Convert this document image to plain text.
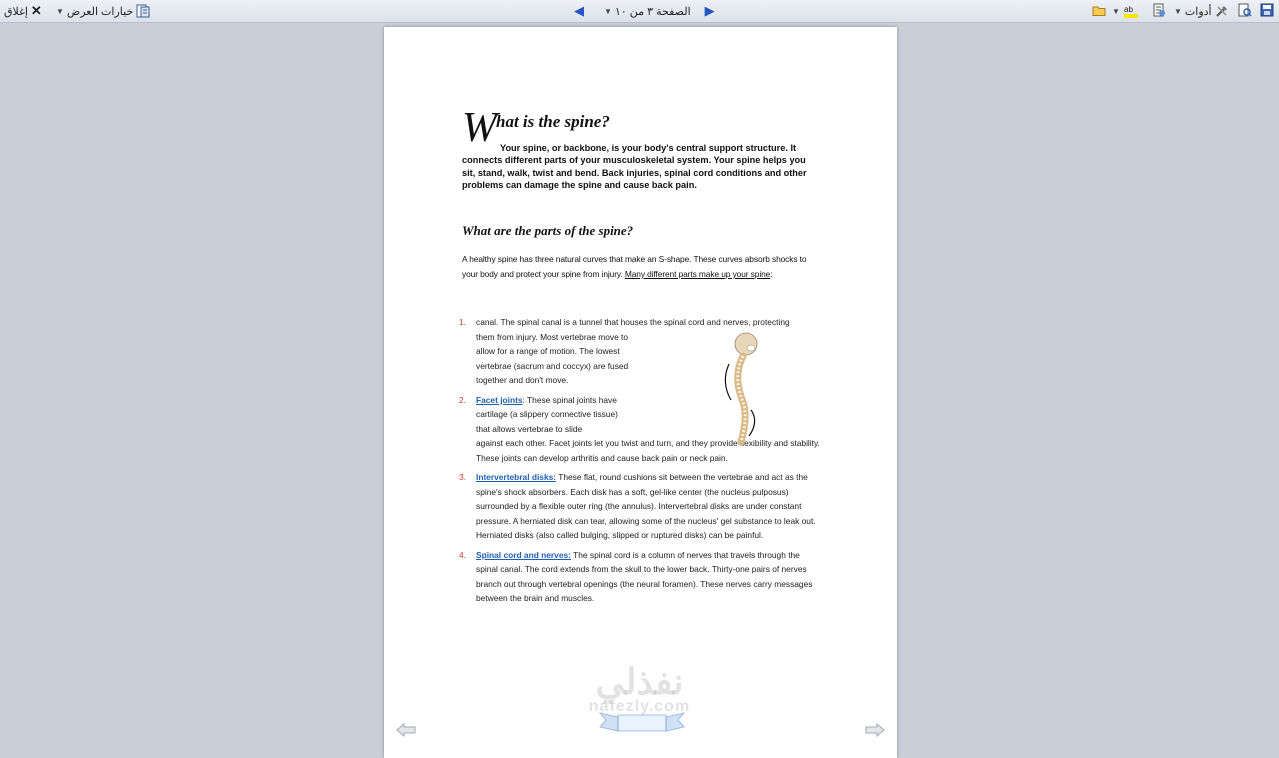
إغلاق ✕ ▼ خيارات العرض	◀	▼ الصفحة ٣ من ١٠ ▶	▼ ab	▼ أدوات
W hat is the spine?
Your spine, or backbone, is your body's central support structure. It connects different parts of your musculoskeletal system. Your spine helps you sit, stand, walk, twist and bend. Back injuries, spinal cord conditions and other problems can damage the spine and cause back pain.
What are the parts of the spine?
A healthy spine has three natural curves that make an S-shape. These curves absorb shocks to your body and protect your spine from injury. Many different parts make up your spine:
1. canal. The spinal canal is a tunnel that houses the spinal cord and nerves, protecting
them from injury. Most vertebrae move to allow for a range of motion. The lowest vertebrae (sacrum and coccyx) are fused together and don't move.
2. Facet joints: These spinal joints have cartilage (a slippery connective tissue) that allows vertebrae to slide
against each other. Facet joints let you twist and turn, and they provide flexibility and stability. These joints can develop arthritis and cause back pain or neck pain.
3. Intervertebral disks: These flat, round cushions sit between the vertebrae and act as the spine's shock absorbers. Each disk has a soft, gel-like center (the nucleus pulposus) surrounded by a flexible outer ring (the annulus). Intervertebral disks are under constant pressure. A herniated disk can tear, allowing some of the nucleus' gel substance to leak out. Herniated disks (also called bulging, slipped or ruptured disks) can be painful.
4. Spinal cord and nerves: The spinal cord is a column of nerves that travels through the spinal canal. The cord extends from the skull to the lower back. Thirty-one pairs of nerves branch out through vertebral openings (the neural foramen). These nerves carry messages between the brain and muscles.
نفذلي
nafezly.com
